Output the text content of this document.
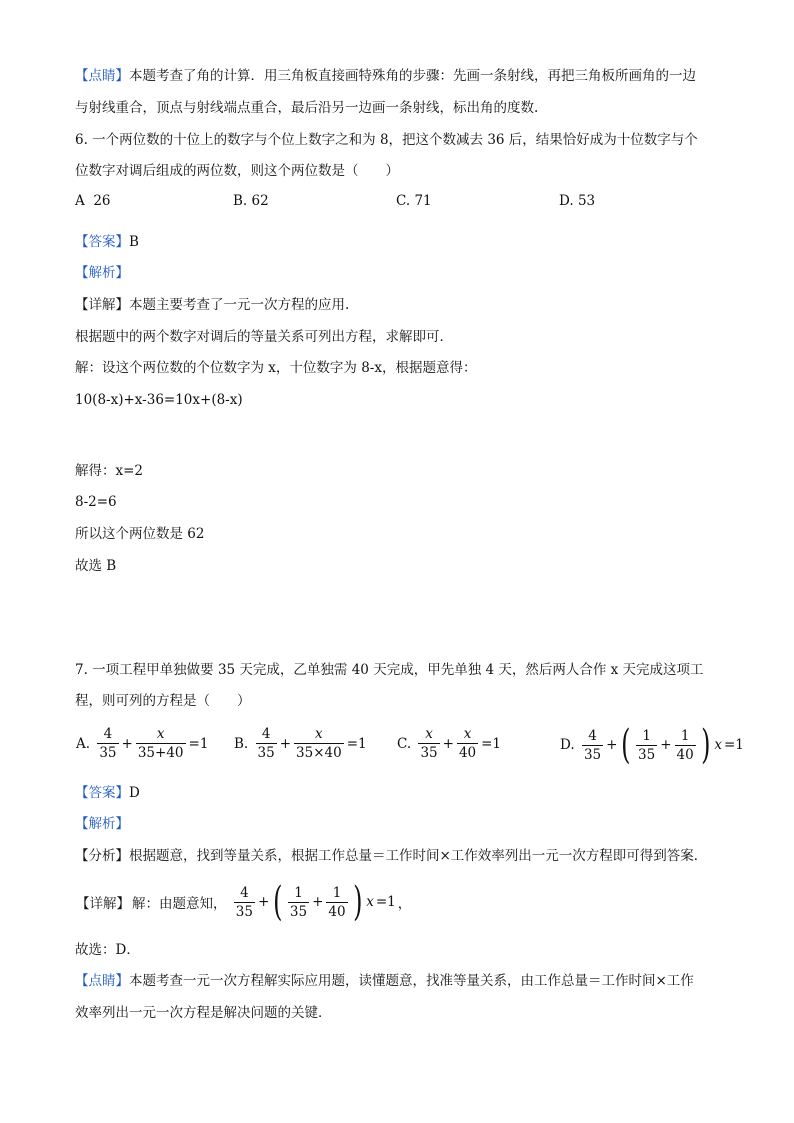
【点睛】本题考查了角的计算．用三角板直接画特殊角的步骤：先画一条射线，再把三角板所画角的一边
与射线重合，顶点与射线端点重合，最后沿另一边画一条射线，标出角的度数.
6. 一个两位数的十位上的数字与个位上数字之和为 8，把这个数减去 36 后，结果恰好成为十位数字与个
位数字对调后组成的两位数，则这个两位数是（　　）
A 26	B. 62	C. 71	D. 53
【答案】B
【解析】
【详解】本题主要考查了一元一次方程的应用.
根据题中的两个数字对调后的等量关系可列出方程，求解即可．
解：设这个两位数的个位数字为 x，十位数字为 8-x，根据题意得：
10(8-x)+x-36=10x+(8-x)
解得：x=2
8-2=6
所以这个两位数是 62
故选 B
7. 一项工程甲单独做要 35 天完成，乙单独需 40 天完成，甲先单独 4 天，然后两人合作 x 天完成这项工
程，则可列的方程是（　　）
A. $\frac{4}{35} + \frac{x}{35+40} =1$ B. $\frac{4}{35} + \frac{x}{35\times 40} =1$ C. $\frac{x}{35} + \frac{x}{40} =1$	D. $\frac{4}{35}$ + ( $\frac{1}{35} + \frac{1}{40}$ ) x =1
【答案】D
【解析】
【分析】根据题意，找到等量关系，根据工作总量＝工作时间×工作效率列出一元一次方程即可得到答案．
【详解】 解：由题意知， $\frac{4}{35}$ + ( $\frac{1}{35} + \frac{1}{40}$ ) x =1 ，
故选：D．
【点睛】本题考查一元一次方程解实际应用题，读懂题意，找准等量关系，由工作总量＝工作时间×工作
效率列出一元一次方程是解决问题的关键．
